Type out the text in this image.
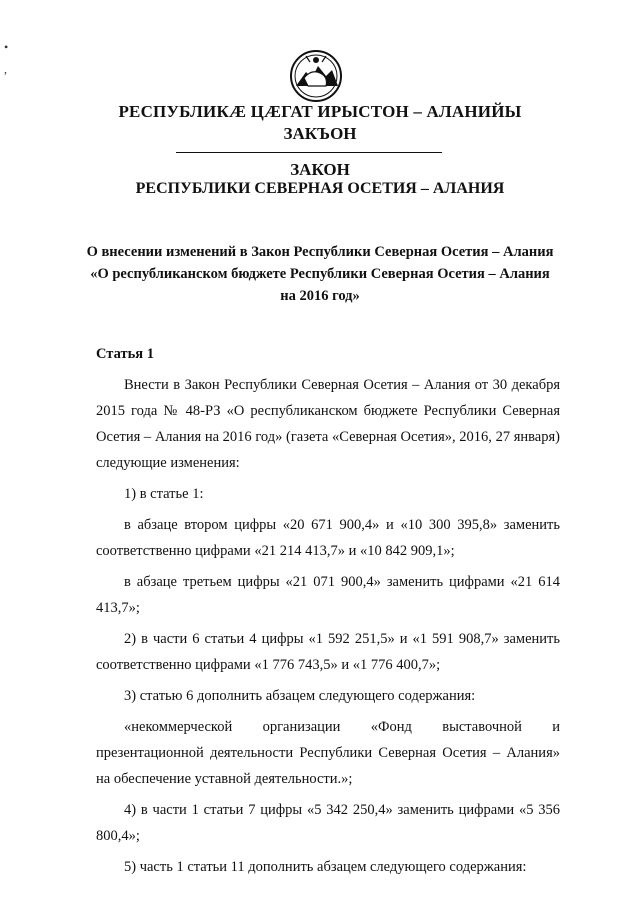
•
,
РЕСПУБЛИКӔ ЦӔГАТ ИРЫСТОН – АЛАНИЙЫ
ЗАКЪОН
ЗАКОН
РЕСПУБЛИКИ СЕВЕРНАЯ ОСЕТИЯ – АЛАНИЯ
О внесении изменений в Закон Республики Северная Осетия – Алания
«О республиканском бюджете Республики Северная Осетия – Алания
на 2016 год»
Статья 1

Внести в Закон Республики Северная Осетия – Алания от 30 декабря 2015 года № 48-РЗ «О республиканском бюджете Республики Северная Осетия – Алания на 2016 год» (газета «Северная Осетия», 2016, 27 января) следующие изменения:

1) в статье 1:

в абзаце втором цифры «20 671 900,4» и «10 300 395,8» заменить соответственно цифрами «21 214 413,7» и «10 842 909,1»;

в абзаце третьем цифры «21 071 900,4» заменить цифрами «21 614 413,7»;

2) в части 6 статьи 4 цифры «1 592 251,5» и «1 591 908,7» заменить соответственно цифрами «1 776 743,5» и «1 776 400,7»;

3) статью 6 дополнить абзацем следующего содержания:

«некоммерческой организации «Фонд выставочной и презентационной деятельности Республики Северная Осетия – Алания» на обеспечение уставной деятельности.»;

4) в части 1 статьи 7 цифры «5 342 250,4» заменить цифрами «5 356 800,4»;

5) часть 1 статьи 11 дополнить абзацем следующего содержания:
